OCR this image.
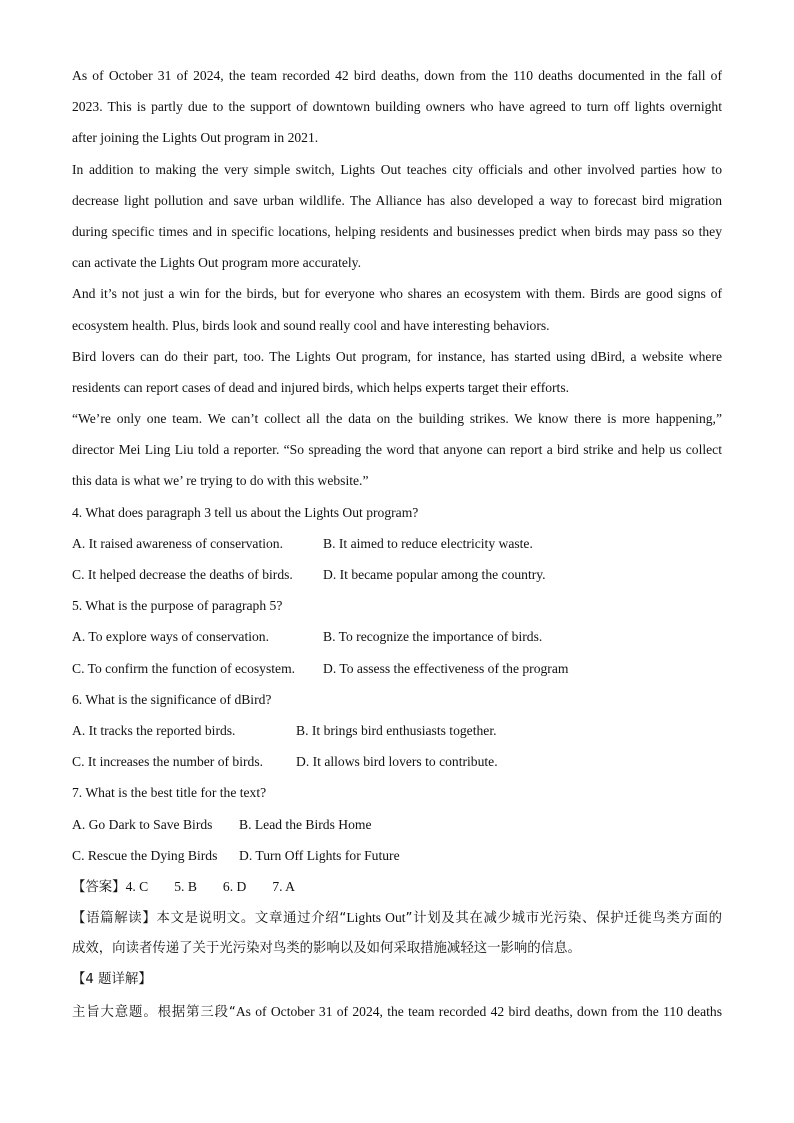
As of October 31 of 2024, the team recorded 42 bird deaths, down from the 110 deaths documented in the fall of
2023. This is partly due to the support of downtown building owners who have agreed to turn off lights overnight
after joining the Lights Out program in 2021.
In addition to making the very simple switch, Lights Out teaches city officials and other involved parties how to
decrease light pollution and save urban wildlife. The Alliance has also developed a way to forecast bird migration
during specific times and in specific locations, helping residents and businesses predict when birds may pass so they
can activate the Lights Out program more accurately.
And it’s not just a win for the birds, but for everyone who shares an ecosystem with them. Birds are good signs of
ecosystem health. Plus, birds look and sound really cool and have interesting behaviors.
Bird lovers can do their part, too. The Lights Out program, for instance, has started using dBird, a website where
residents can report cases of dead and injured birds, which helps experts target their efforts.
“We’re only one team. We can’t collect all the data on the building strikes. We know there is more happening,”
director Mei Ling Liu told a reporter. “So spreading the word that anyone can report a bird strike and help us collect
this data is what we’ re trying to do with this website.”
4. What does paragraph 3 tell us about the Lights Out program?
A. It raised awareness of conservation.	B. It aimed to reduce electricity waste.
C. It helped decrease the deaths of birds.	D. It became popular among the country.
5. What is the purpose of paragraph 5?
A. To explore ways of conservation.	B. To recognize the importance of birds.
C. To confirm the function of ecosystem.	D. To assess the effectiveness of the program
6. What is the significance of dBird?
A. It tracks the reported birds.	B. It brings bird enthusiasts together.
C. It increases the number of birds.	D. It allows bird lovers to contribute.
7. What is the best title for the text?
A. Go Dark to Save Birds	B. Lead the Birds Home
C. Rescue the Dying Birds	D. Turn Off Lights for Future
【答案】4. C 5. B 6. D 7. A
【语篇解读】本文是说明文。文章通过介绍“Lights Out”计划及其在减少城市光污染、保护迁徙鸟类方面的
成效，向读者传递了关于光污染对鸟类的影响以及如何采取措施减轻这一影响的信息。
【4 题详解】
主旨大意题。根据第三段“As of October 31 of 2024, the team recorded 42 bird deaths, down from the 110 deaths
